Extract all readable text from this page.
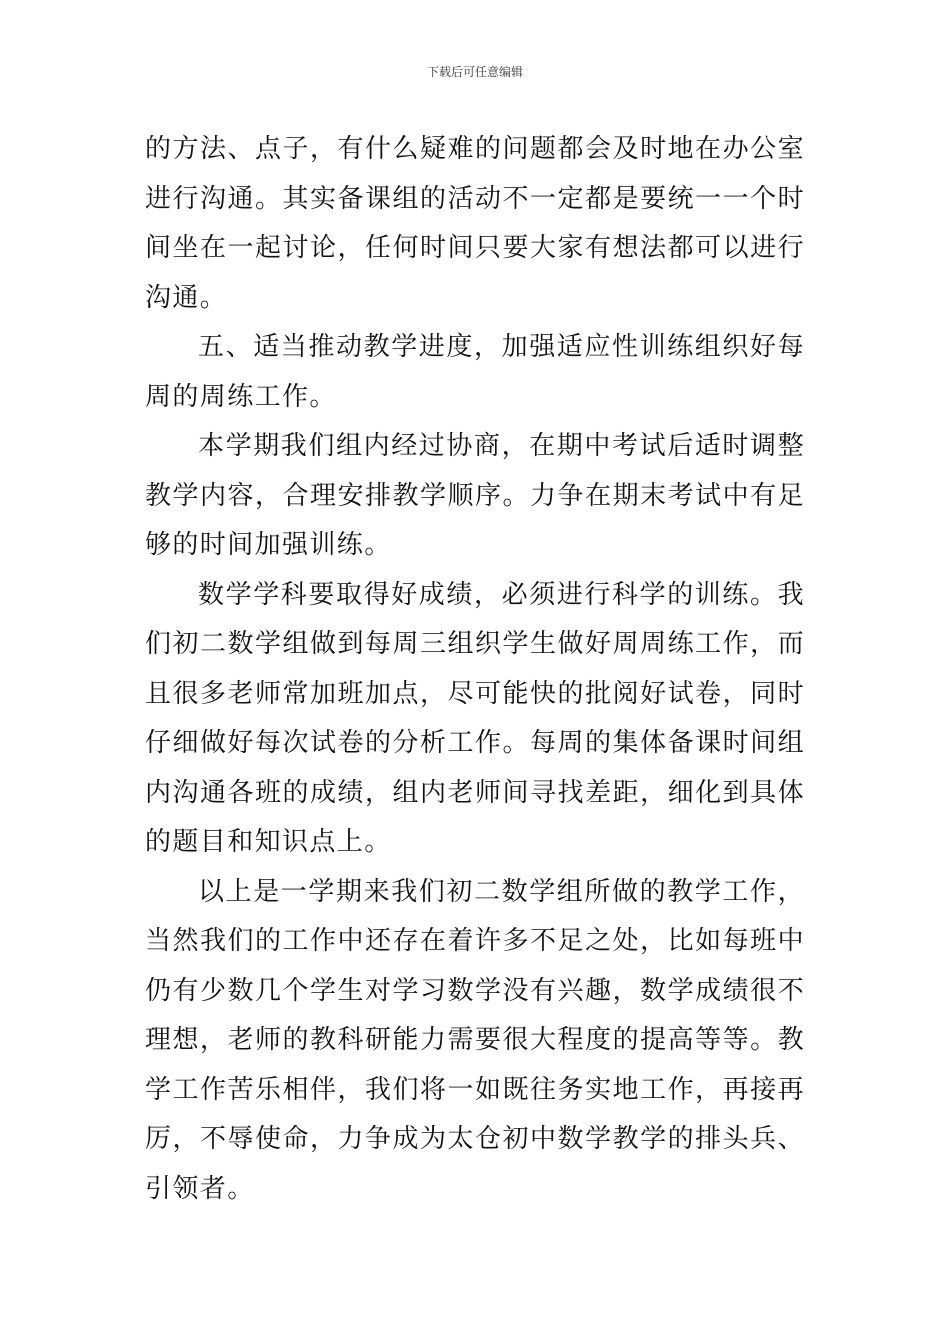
下载后可任意编辑

的方法、点子，有什么疑难的问题都会及时地在办公室进行沟通。其实备课组的活动不一定都是要统一一个时间坐在一起讨论，任何时间只要大家有想法都可以进行沟通。

五、适当推动教学进度，加强适应性训练组织好每周的周练工作。

本学期我们组内经过协商，在期中考试后适时调整教学内容，合理安排教学顺序。力争在期末考试中有足够的时间加强训练。

数学学科要取得好成绩，必须进行科学的训练。我们初二数学组做到每周三组织学生做好周周练工作，而且很多老师常加班加点，尽可能快的批阅好试卷，同时仔细做好每次试卷的分析工作。每周的集体备课时间组内沟通各班的成绩，组内老师间寻找差距，细化到具体的题目和知识点上。

以上是一学期来我们初二数学组所做的教学工作，当然我们的工作中还存在着许多不足之处，比如每班中仍有少数几个学生对学习数学没有兴趣，数学成绩很不理想，老师的教科研能力需要很大程度的提高等等。教学工作苦乐相伴，我们将一如既往务实地工作，再接再厉，不辱使命，力争成为太仓初中数学教学的排头兵、引领者。
